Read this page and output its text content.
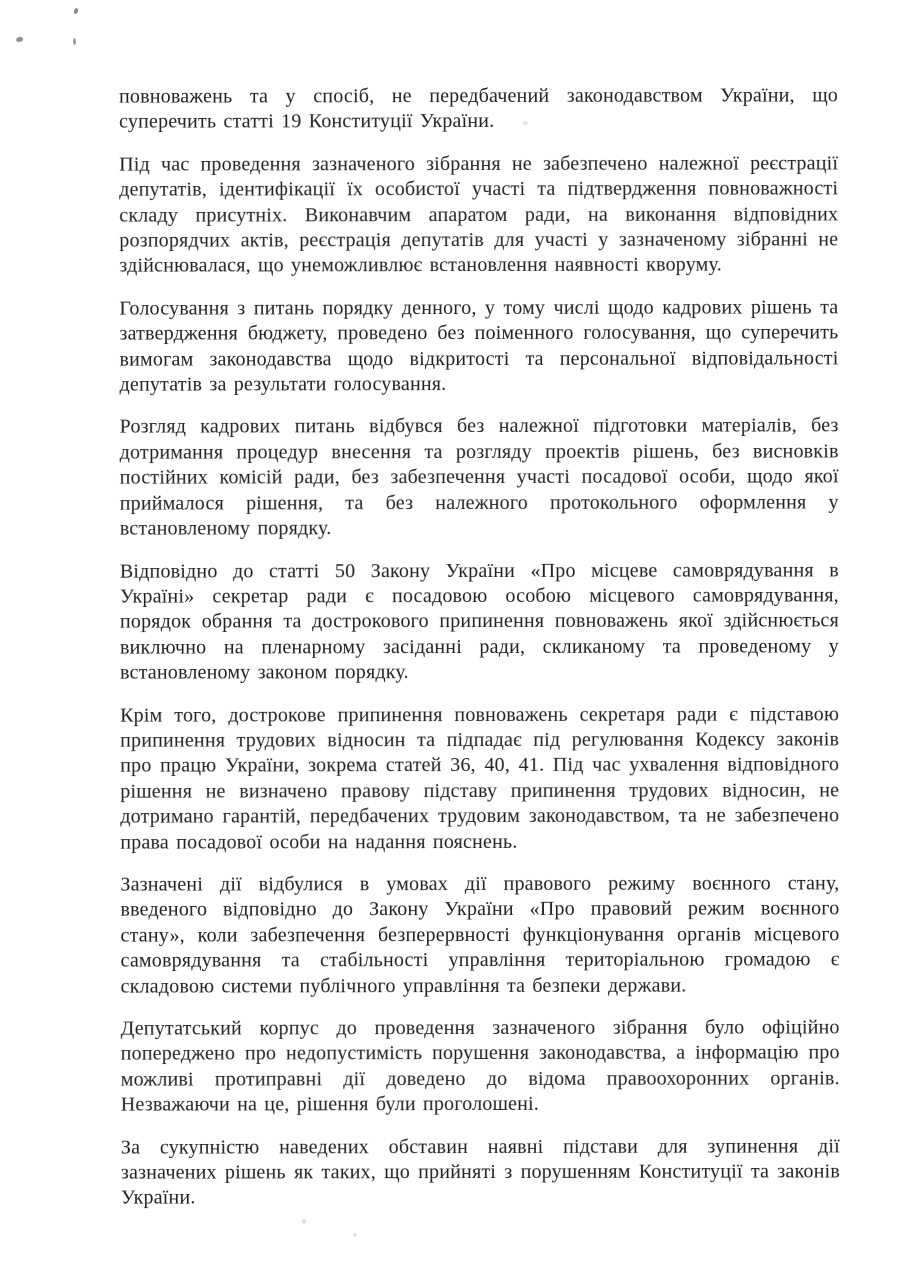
повноважень та у спосіб, не передбачений законодавством України, що суперечить статті 19 Конституції України.

Під час проведення зазначеного зібрання не забезпечено належної реєстрації депутатів, ідентифікації їх особистої участі та підтвердження повноважності складу присутніх. Виконавчим апаратом ради, на виконання відповідних розпорядчих актів, реєстрація депутатів для участі у зазначеному зібранні не здійснювалася, що унеможливлює встановлення наявності кворуму.

Голосування з питань порядку денного, у тому числі щодо кадрових рішень та затвердження бюджету, проведено без поіменного голосування, що суперечить вимогам законодавства щодо відкритості та персональної відповідальності депутатів за результати голосування.

Розгляд кадрових питань відбувся без належної підготовки матеріалів, без дотримання процедур внесення та розгляду проектів рішень, без висновків постійних комісій ради, без забезпечення участі посадової особи, щодо якої приймалося рішення, та без належного протокольного оформлення у встановленому порядку.

Відповідно до статті 50 Закону України «Про місцеве самоврядування в Україні» секретар ради є посадовою особою місцевого самоврядування, порядок обрання та дострокового припинення повноважень якої здійснюється виключно на пленарному засіданні ради, скликаному та проведеному у встановленому законом порядку.

Крім того, дострокове припинення повноважень секретаря ради є підставою припинення трудових відносин та підпадає під регулювання Кодексу законів про працю України, зокрема статей 36, 40, 41. Під час ухвалення відповідного рішення не визначено правову підставу припинення трудових відносин, не дотримано гарантій, передбачених трудовим законодавством, та не забезпечено права посадової особи на надання пояснень.

Зазначені дії відбулися в умовах дії правового режиму воєнного стану, введеного відповідно до Закону України «Про правовий режим воєнного стану», коли забезпечення безперервності функціонування органів місцевого самоврядування та стабільності управління територіальною громадою є складовою системи публічного управління та безпеки держави.

Депутатський корпус до проведення зазначеного зібрання було офіційно попереджено про недопустимість порушення законодавства, а інформацію про можливі протиправні дії доведено до відома правоохоронних органів. Незважаючи на це, рішення були проголошені.

За сукупністю наведених обставин наявні підстави для зупинення дії зазначених рішень як таких, що прийняті з порушенням Конституції та законів України.
